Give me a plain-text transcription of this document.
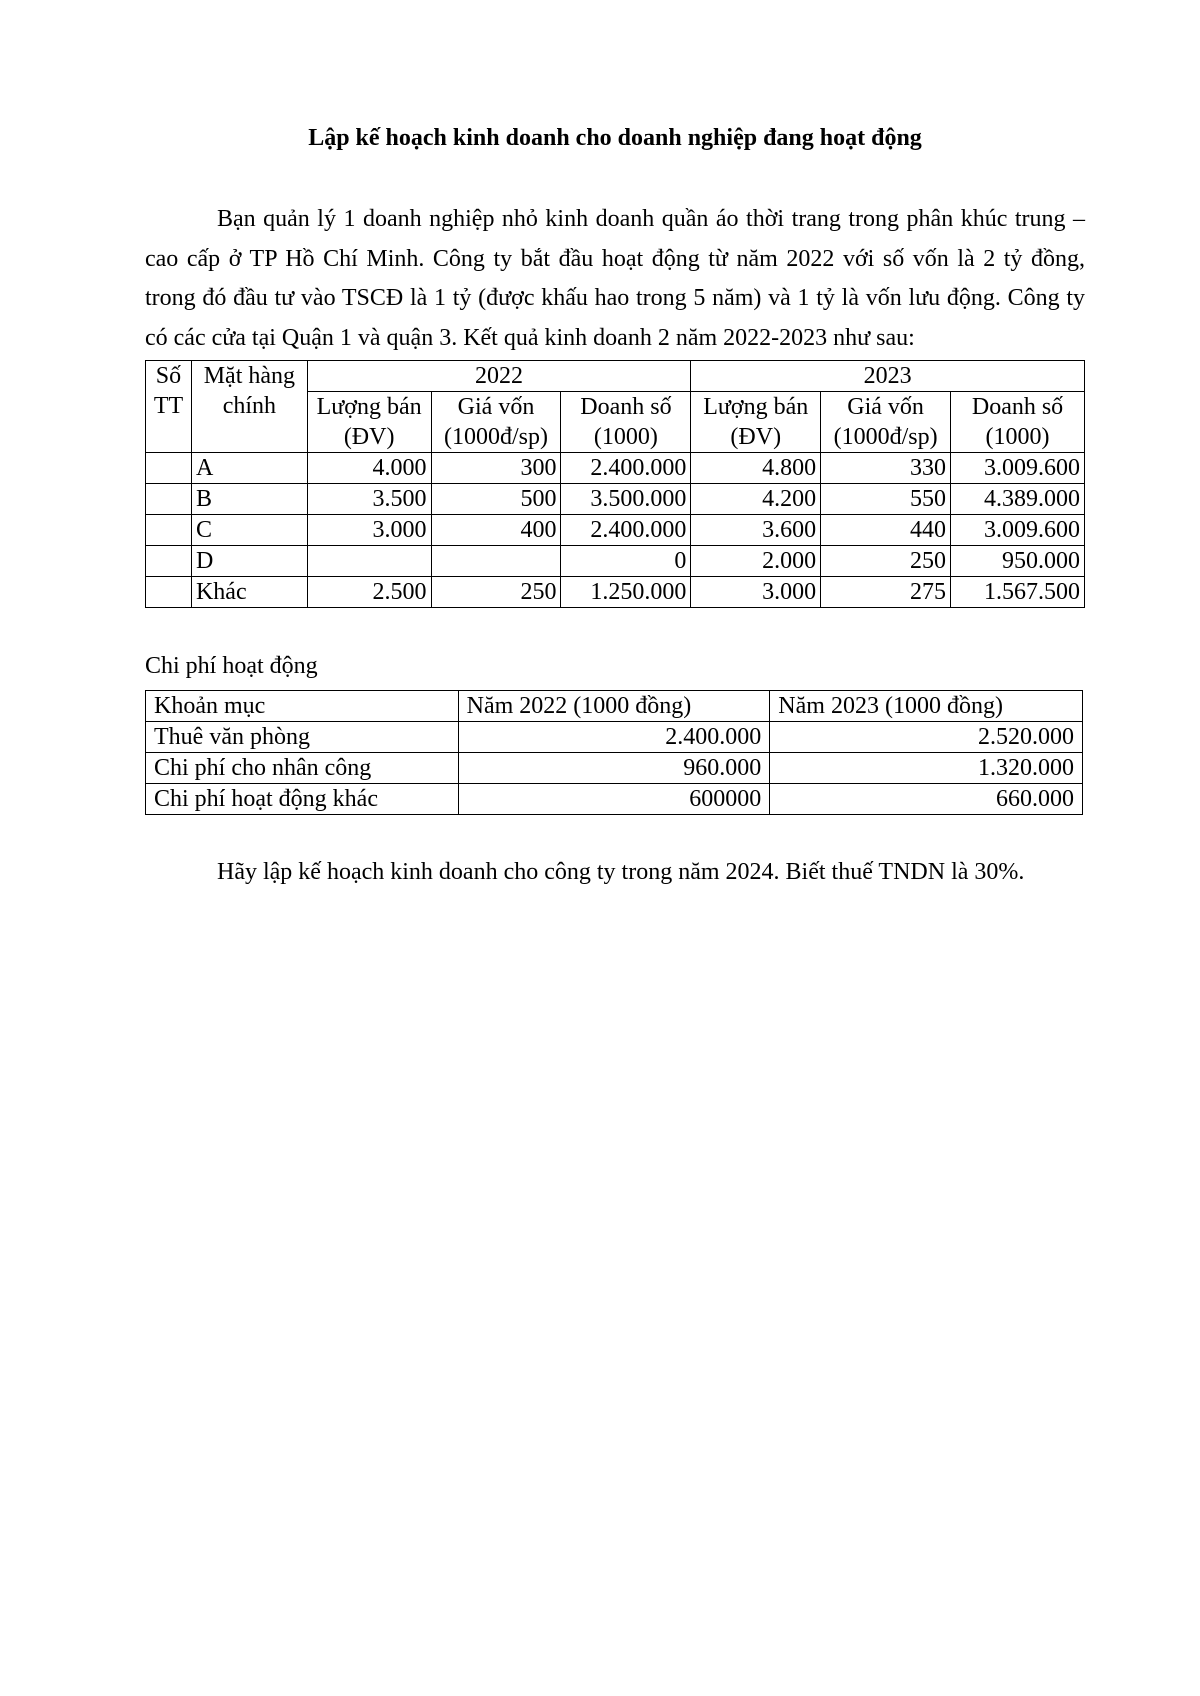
Lập kế hoạch kinh doanh cho doanh nghiệp đang hoạt động

Bạn quản lý 1 doanh nghiệp nhỏ kinh doanh quần áo thời trang trong phân khúc trung – cao cấp ở TP Hồ Chí Minh. Công ty bắt đầu hoạt động từ năm 2022 với số vốn là 2 tỷ đồng, trong đó đầu tư vào TSCĐ là 1 tỷ (được khấu hao trong 5 năm) và 1 tỷ là vốn lưu động. Công ty có các cửa tại Quận 1 và quận 3. Kết quả kinh doanh 2 năm 2022-2023 như sau:

Số TT	Mặt hàng chính	2022			2023		
		Lượng bán (ĐV)	Giá vốn (1000đ/sp)	Doanh số (1000)	Lượng bán (ĐV)	Giá vốn (1000đ/sp)	Doanh số (1000)
	A	4.000	300	2.400.000	4.800	330	3.009.600
	B	3.500	500	3.500.000	4.200	550	4.389.000
	C	3.000	400	2.400.000	3.600	440	3.009.600
	D			0	2.000	250	950.000
	Khác	2.500	250	1.250.000	3.000	275	1.567.500
Chi phí hoạt động
Khoản mục	Năm 2022 (1000 đồng)	Năm 2023 (1000 đồng)
Thuê văn phòng	2.400.000	2.520.000
Chi phí cho nhân công	960.000	1.320.000
Chi phí hoạt động khác	600000	660.000

Hãy lập kế hoạch kinh doanh cho công ty trong năm 2024. Biết thuế TNDN là 30%.
